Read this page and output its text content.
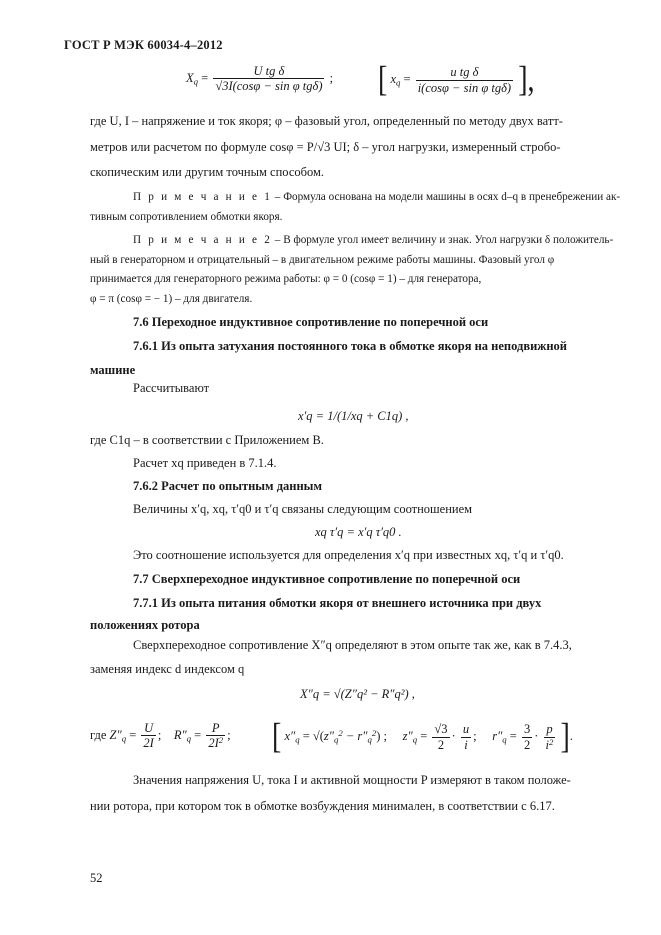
ГОСТ Р МЭК 60034-4–2012
$X_q = \frac{\text{U tg δ}}{\text{√3I(cosφ − sin φ tgδ)}}$ ; [ $x_q = \frac{\text{u tg δ}}{\text{i(cosφ − sin φ tgδ)}}$ ],
где U, I – напряжение и ток якоря; φ – фазовый угол, определенный по методу двух ватт-
метров или расчетом по формуле cosφ = P/√3 UI; δ – угол нагрузки, измеренный стробо-
скопическим или другим точным способом.
П р и м е ч а н и е 1 – Формула основана на модели машины в осях d–q в пренебрежении ак-
тивным сопротивлением обмотки якоря.
П р и м е ч а н и е 2 – В формуле угол имеет величину и знак. Угол нагрузки δ положитель-
ный в генераторном и отрицательный – в двигательном режиме работы машины. Фазовый угол φ
принимается для генераторного режима работы: φ = 0 (cosφ = 1) – для генератора,
φ = π (cosφ = − 1) – для двигателя.
7.6 Переходное индуктивное сопротивление по поперечной оси
7.6.1 Из опыта затухания постоянного тока в обмотке якоря на неподвижной
машине
Рассчитывают
x′q = 1/(1/xq + C1q) ,
где C1q – в соответствии с Приложением В.
Расчет xq приведен в 7.1.4.
7.6.2 Расчет по опытным данным
Величины x′q, xq, τ′q0 и τ′q связаны следующим соотношением
xq τ′q = x′q τ′q0 .
Это соотношение используется для определения x′q при известных xq, τ′q и τ′q0.
7.7 Сверхпереходное индуктивное сопротивление по поперечной оси
7.7.1 Из опыта питания обмотки якоря от внешнего источника при двух
положениях ротора
Сверхпереходное сопротивление X″q определяют в этом опыте так же, как в 7.4.3,
заменяя индекс d индексом q
X″q = √(Z″q² − R″q²) ,
где $Z''_q = \frac{U}{2I}$ ;    $R''_q = \frac{P}{2I^2}$ ; [ $x''_q = √(z''_q^2 - r''_q^2)$ ;     $z''_q = \frac{√3}{2} \cdot \frac{u}{i}$ ;     $r''_q = \frac{3}{2} \cdot \frac{p}{i^2}$ ].
Значения напряжения U, тока I и активной мощности P измеряют в таком положе-
нии ротора, при котором ток в обмотке возбуждения минимален, в соответствии с 6.17.
52
